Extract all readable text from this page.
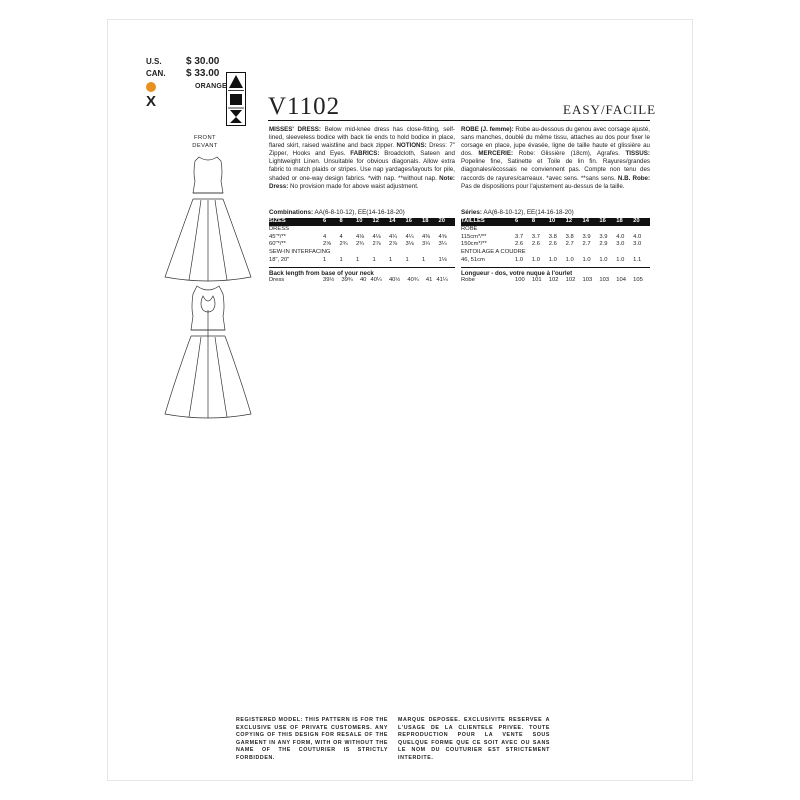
U.S. $ 30.00
CAN. $ 33.00
ORANGE
X	V1102	EASY/FACILE
FRONT
DEVANT
MISSES' DRESS: Below mid-knee dress has close-fitting, self-lined, sleeveless bodice with back tie ends to hold bodice in place, flared skirt, raised waistline and back zipper. NOTIONS: Dress: 7" Zipper, Hooks and Eyes. FABRICS: Broadcloth, Sateen and Lightweight Linen. Unsuitable for obvious diagonals. Allow extra fabric to match plaids or stripes. Use nap yardages/layouts for pile, shaded or one-way design fabrics. *with nap. **without nap. Note: Dress: No provision made for above waist adjustment.
ROBE (J. femme): Robe au-dessous du genou avec corsage ajusté, sans manches, doublé du même tissu, attaches au dos pour fixer le corsage en place, jupe évasée, ligne de taille haute et glissière au dos. MERCERIE: Robe: Glissière (18cm), Agrafes. TISSUS: Popeline fine, Satinette et Toile de lin fin. Rayures/grandes diagonales/écossais ne conviennent pas. Compte non tenu des raccords de rayures/carreaux. *avec sens. **sans sens. N.B. Robe: Pas de dispositions pour l'ajustement au-dessus de la taille.
Combinations: AA(6-8-10-12), EE(14-16-18-20)	Séries: AA(6-8-10-12), EE(14-16-18-20)
SIZES	6	8	10	12	14	16	18	20
DRESS								
45"*/**	4	4	4⅛	4⅛	4¼	4¼	4⅜	4⅝
60"*/**	2⅝	2¾	2¾	2⅞	2⅞	3⅛	3¼	3¼
SEW-IN INTERFACING								
18", 20"	1	1	1	1	1	1	1	1⅛
Back length from base of your neck
Dress	39½	39¾	40	40¼	40½	40¾	41	41¼
TAILLES	6	8	10	12	14	16	18	20
ROBE								
115cm*/**	3.7	3.7	3.8	3.8	3.9	3.9	4.0	4.0
150cm*/**	2.6	2.6	2.6	2.7	2.7	2.9	3.0	3.0
ENTOILAGE A COUDRE								
46, 51cm	1.0	1.0	1.0	1.0	1.0	1.0	1.0	1.1
Longueur - dos, votre nuque à l'ourlet
Robe	100	101	102	102	103	103	104	105
REGISTERED MODEL: THIS PATTERN IS FOR THE EXCLUSIVE USE OF PRIVATE CUSTOMERS. ANY COPYING OF THIS DESIGN FOR RESALE OF THE GARMENT IN ANY FORM, WITH OR WITHOUT THE NAME OF THE COUTURIER IS STRICTLY FORBIDDEN.
MARQUE DEPOSEE. EXCLUSIVITE RESERVEE A L'USAGE DE LA CLIENTELE PRIVEE. TOUTE REPRODUCTION POUR LA VENTE SOUS QUELQUE FORME QUE CE SOIT AVEC OU SANS LE NOM DU COUTURIER EST STRICTEMENT INTERDITE.
